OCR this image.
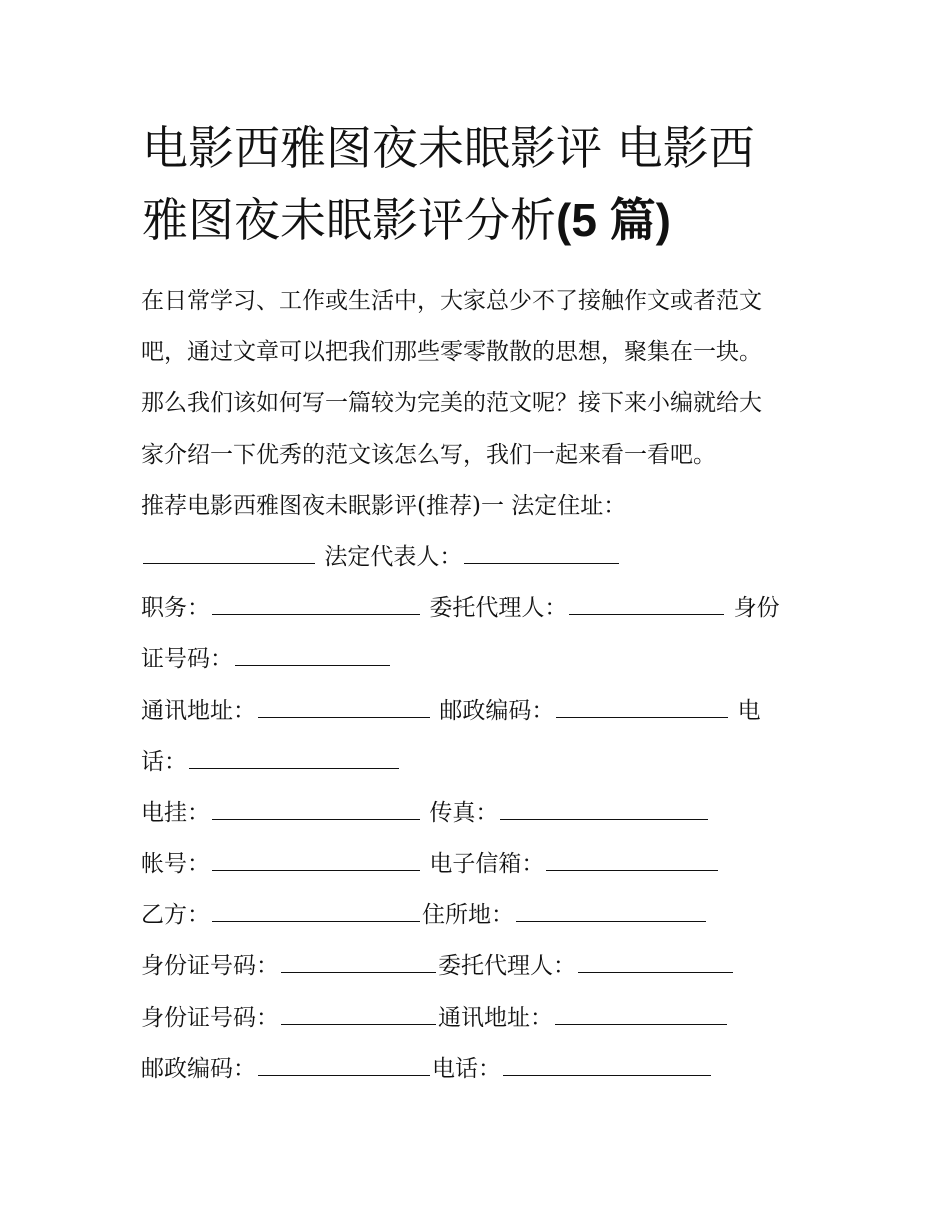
电影西雅图夜未眠影评 电影西
雅图夜未眠影评分析(5 篇)
在日常学习、工作或生活中，大家总少不了接触作文或者范文
吧，通过文章可以把我们那些零零散散的思想，聚集在一块。
那么我们该如何写一篇较为完美的范文呢？接下来小编就给大
家介绍一下优秀的范文该怎么写，我们一起来看一看吧。
推荐电影西雅图夜未眠影评(推荐)一 法定住址：
法定代表人：
职务：	委托代理人：	身份
证号码：
通讯地址：	邮政编码：	电
话：
电挂：	传真：
帐号：	电子信箱：
乙方：	住所地：
身份证号码：	委托代理人：
身份证号码：	通讯地址：
邮政编码：	电话：
